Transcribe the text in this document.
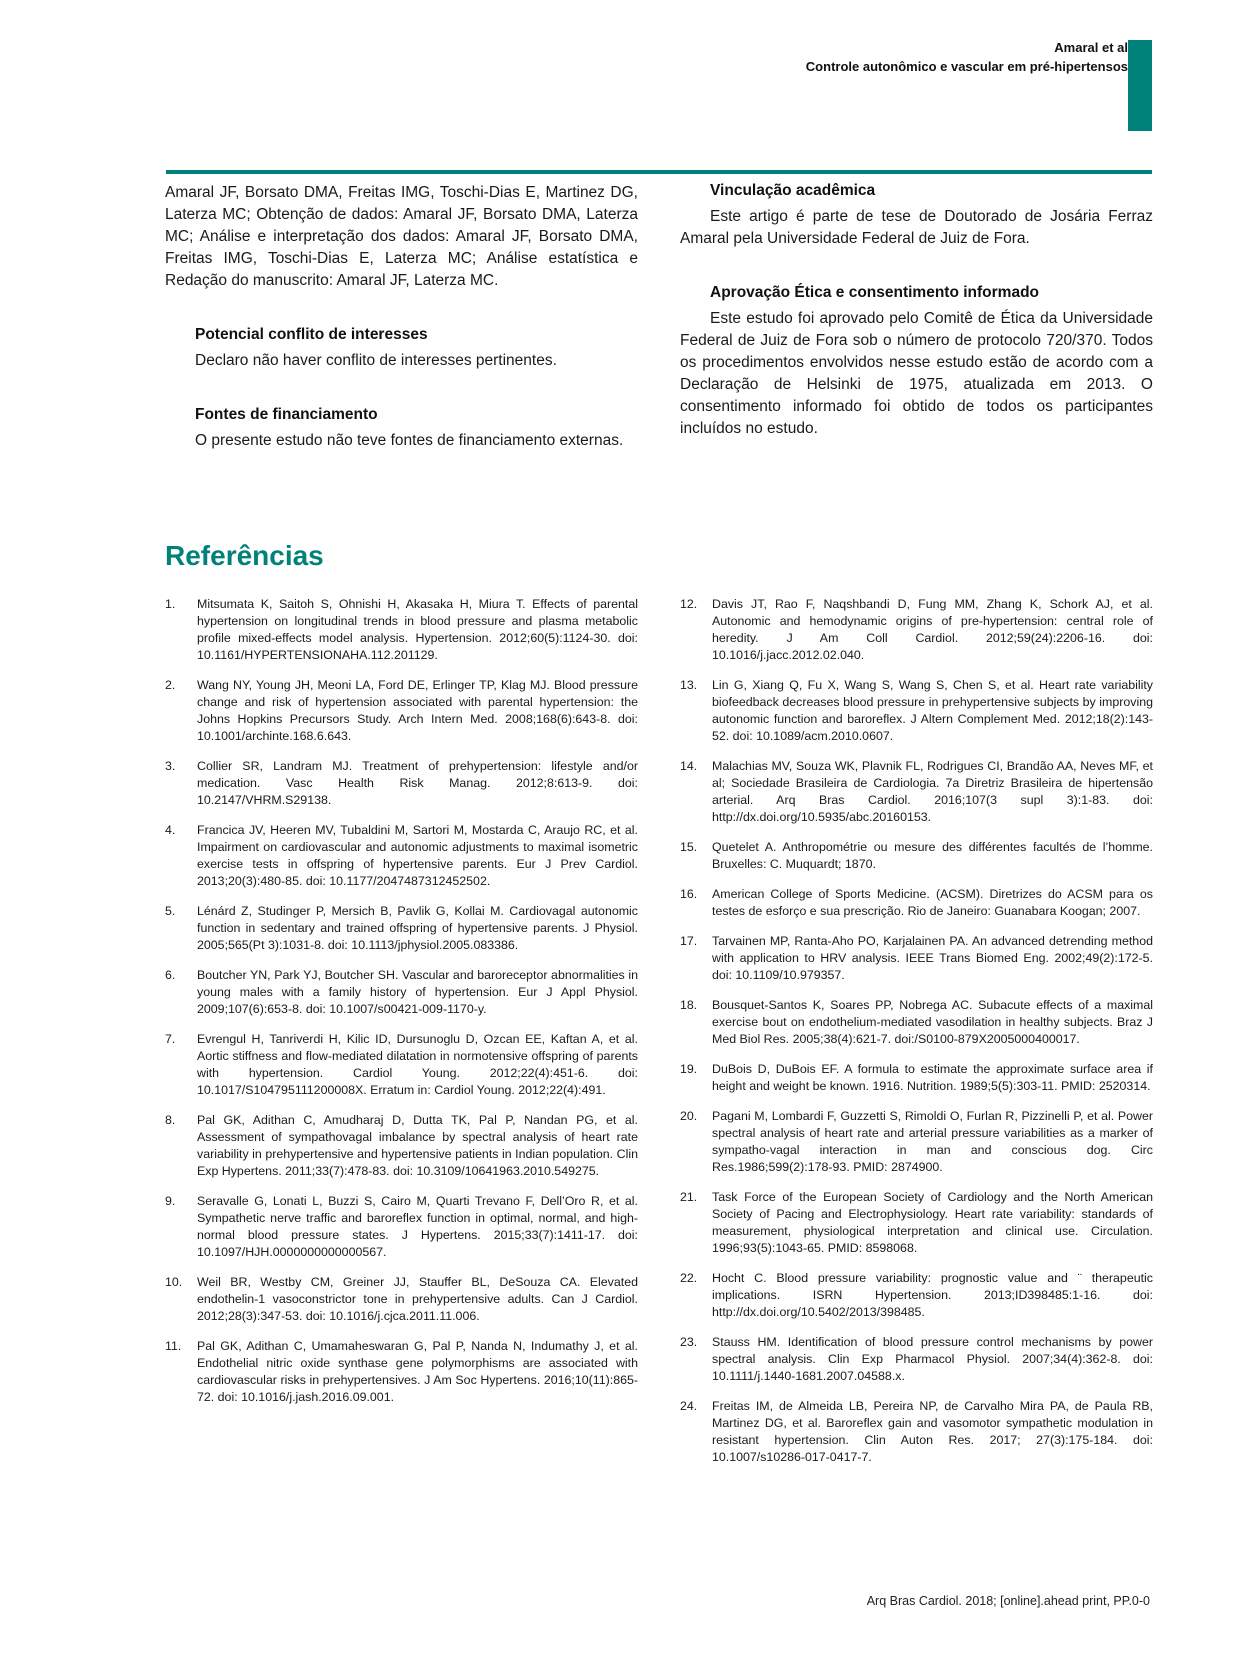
Amaral et al
Controle autonômico e vascular em pré-hipertensos

Amaral JF, Borsato DMA, Freitas IMG, Toschi-Dias E, Martinez DG, Laterza MC; Obtenção de dados: Amaral JF, Borsato DMA, Laterza MC; Análise e interpretação dos dados: Amaral JF, Borsato DMA, Freitas IMG, Toschi-Dias E, Laterza MC; Análise estatística e Redação do manuscrito: Amaral JF, Laterza MC.

Potencial conflito de interesses

Declaro não haver conflito de interesses pertinentes.

Fontes de financiamento

O presente estudo não teve fontes de financiamento externas.

Vinculação acadêmica

Este artigo é parte de tese de Doutorado de Josária Ferraz Amaral pela Universidade Federal de Juiz de Fora.

Aprovação Ética e consentimento informado

Este estudo foi aprovado pelo Comitê de Ética da Universidade Federal de Juiz de Fora sob o número de protocolo 720/370. Todos os procedimentos envolvidos nesse estudo estão de acordo com a Declaração de Helsinki de 1975, atualizada em 2013. O consentimento informado foi obtido de todos os participantes incluídos no estudo.

Referências
1.	Mitsumata K, Saitoh S, Ohnishi H, Akasaka H, Miura T. Effects of parental hypertension on longitudinal trends in blood pressure and plasma metabolic profile mixed-effects model analysis. Hypertension. 2012;60(5):1124-30. doi: 10.1161/HYPERTENSIONAHA.112.201129.
2.	Wang NY, Young JH, Meoni LA, Ford DE, Erlinger TP, Klag MJ. Blood pressure change and risk of hypertension associated with parental hypertension: the Johns Hopkins Precursors Study. Arch Intern Med. 2008;168(6):643-8. doi: 10.1001/archinte.168.6.643.
3.	Collier SR, Landram MJ. Treatment of prehypertension: lifestyle and/or medication. Vasc Health Risk Manag. 2012;8:613-9. doi: 10.2147/VHRM.S29138.
4.	Francica JV, Heeren MV, Tubaldini M, Sartori M, Mostarda C, Araujo RC, et al. Impairment on cardiovascular and autonomic adjustments to maximal isometric exercise tests in offspring of hypertensive parents. Eur J Prev Cardiol. 2013;20(3):480-85. doi: 10.1177/2047487312452502.
5.	Lénárd Z, Studinger P, Mersich B, Pavlik G, Kollai M. Cardiovagal autonomic function in sedentary and trained offspring of hypertensive parents. J Physiol. 2005;565(Pt 3):1031-8. doi: 10.1113/jphysiol.2005.083386.
6.	Boutcher YN, Park YJ, Boutcher SH. Vascular and baroreceptor abnormalities in young males with a family history of hypertension. Eur J Appl Physiol. 2009;107(6):653-8. doi: 10.1007/s00421-009-1170-y.
7.	Evrengul H, Tanriverdi H, Kilic ID, Dursunoglu D, Ozcan EE, Kaftan A, et al. Aortic stiffness and flow-mediated dilatation in normotensive offspring of parents with hypertension. Cardiol Young. 2012;22(4):451-6. doi: 10.1017/S104795111200008X. Erratum in: Cardiol Young. 2012;22(4):491.
8.	Pal GK, Adithan C, Amudharaj D, Dutta TK, Pal P, Nandan PG, et al. Assessment of sympathovagal imbalance by spectral analysis of heart rate variability in prehypertensive and hypertensive patients in Indian population. Clin Exp Hypertens. 2011;33(7):478-83. doi: 10.3109/10641963.2010.549275.
9.	Seravalle G, Lonati L, Buzzi S, Cairo M, Quarti Trevano F, Dell’Oro R, et al. Sympathetic nerve traffic and baroreflex function in optimal, normal, and high-normal blood pressure states. J Hypertens. 2015;33(7):1411-17. doi: 10.1097/HJH.0000000000000567.
10.	Weil BR, Westby CM, Greiner JJ, Stauffer BL, DeSouza CA. Elevated endothelin-1 vasoconstrictor tone in prehypertensive adults. Can J Cardiol. 2012;28(3):347-53. doi: 10.1016/j.cjca.2011.11.006.
11.	Pal GK, Adithan C, Umamaheswaran G, Pal P, Nanda N, Indumathy J, et al. Endothelial nitric oxide synthase gene polymorphisms are associated with cardiovascular risks in prehypertensives. J Am Soc Hypertens. 2016;10(11):865-72. doi: 10.1016/j.jash.2016.09.001.
12.	Davis JT, Rao F, Naqshbandi D, Fung MM, Zhang K, Schork AJ, et al. Autonomic and hemodynamic origins of pre-hypertension: central role of heredity. J Am Coll Cardiol. 2012;59(24):2206-16. doi: 10.1016/j.jacc.2012.02.040.
13.	Lin G, Xiang Q, Fu X, Wang S, Wang S, Chen S, et al. Heart rate variability biofeedback decreases blood pressure in prehypertensive subjects by improving autonomic function and baroreflex. J Altern Complement Med. 2012;18(2):143-52. doi: 10.1089/acm.2010.0607.
14.	Malachias MV, Souza WK, Plavnik FL, Rodrigues CI, Brandão AA, Neves MF, et al; Sociedade Brasileira de Cardiologia. 7a Diretriz Brasileira de hipertensão arterial. Arq Bras Cardiol. 2016;107(3 supl 3):1-83. doi: http://dx.doi.org/10.5935/abc.20160153.
15.	Quetelet A. Anthropométrie ou mesure des différentes facultés de l’homme. Bruxelles: C. Muquardt; 1870.
16.	American College of Sports Medicine. (ACSM). Diretrizes do ACSM para os testes de esforço e sua prescrição. Rio de Janeiro: Guanabara Koogan; 2007.
17.	Tarvainen MP, Ranta-Aho PO, Karjalainen PA. An advanced detrending method with application to HRV analysis. IEEE Trans Biomed Eng. 2002;49(2):172-5. doi: 10.1109/10.979357.
18.	Bousquet-Santos K, Soares PP, Nobrega AC. Subacute effects of a maximal exercise bout on endothelium-mediated vasodilation in healthy subjects. Braz J Med Biol Res. 2005;38(4):621-7. doi:/S0100-879X2005000400017.
19.	DuBois D, DuBois EF. A formula to estimate the approximate surface area if height and weight be known. 1916. Nutrition. 1989;5(5):303-11. PMID: 2520314.
20.	Pagani M, Lombardi F, Guzzetti S, Rimoldi O, Furlan R, Pizzinelli P, et al. Power spectral analysis of heart rate and arterial pressure variabilities as a marker of sympatho-vagal interaction in man and conscious dog. Circ Res.1986;599(2):178-93. PMID: 2874900.
21.	Task Force of the European Society of Cardiology and the North American Society of Pacing and Electrophysiology. Heart rate variability: standards of measurement, physiological interpretation and clinical use. Circulation. 1996;93(5):1043-65. PMID: 8598068.
22.	Hocht C. Blood pressure variability: prognostic value and ¨ therapeutic implications. ISRN Hypertension. 2013;ID398485:1-16. doi: http://dx.doi.org/10.5402/2013/398485.
23.	Stauss HM. Identification of blood pressure control mechanisms by power spectral analysis. Clin Exp Pharmacol Physiol. 2007;34(4):362-8. doi: 10.1111/j.1440-1681.2007.04588.x.
24.	Freitas IM, de Almeida LB, Pereira NP, de Carvalho Mira PA, de Paula RB, Martinez DG, et al. Baroreflex gain and vasomotor sympathetic modulation in resistant hypertension. Clin Auton Res. 2017; 27(3):175-184. doi: 10.1007/s10286-017-0417-7.
Arq Bras Cardiol. 2018; [online].ahead print, PP.0-0
